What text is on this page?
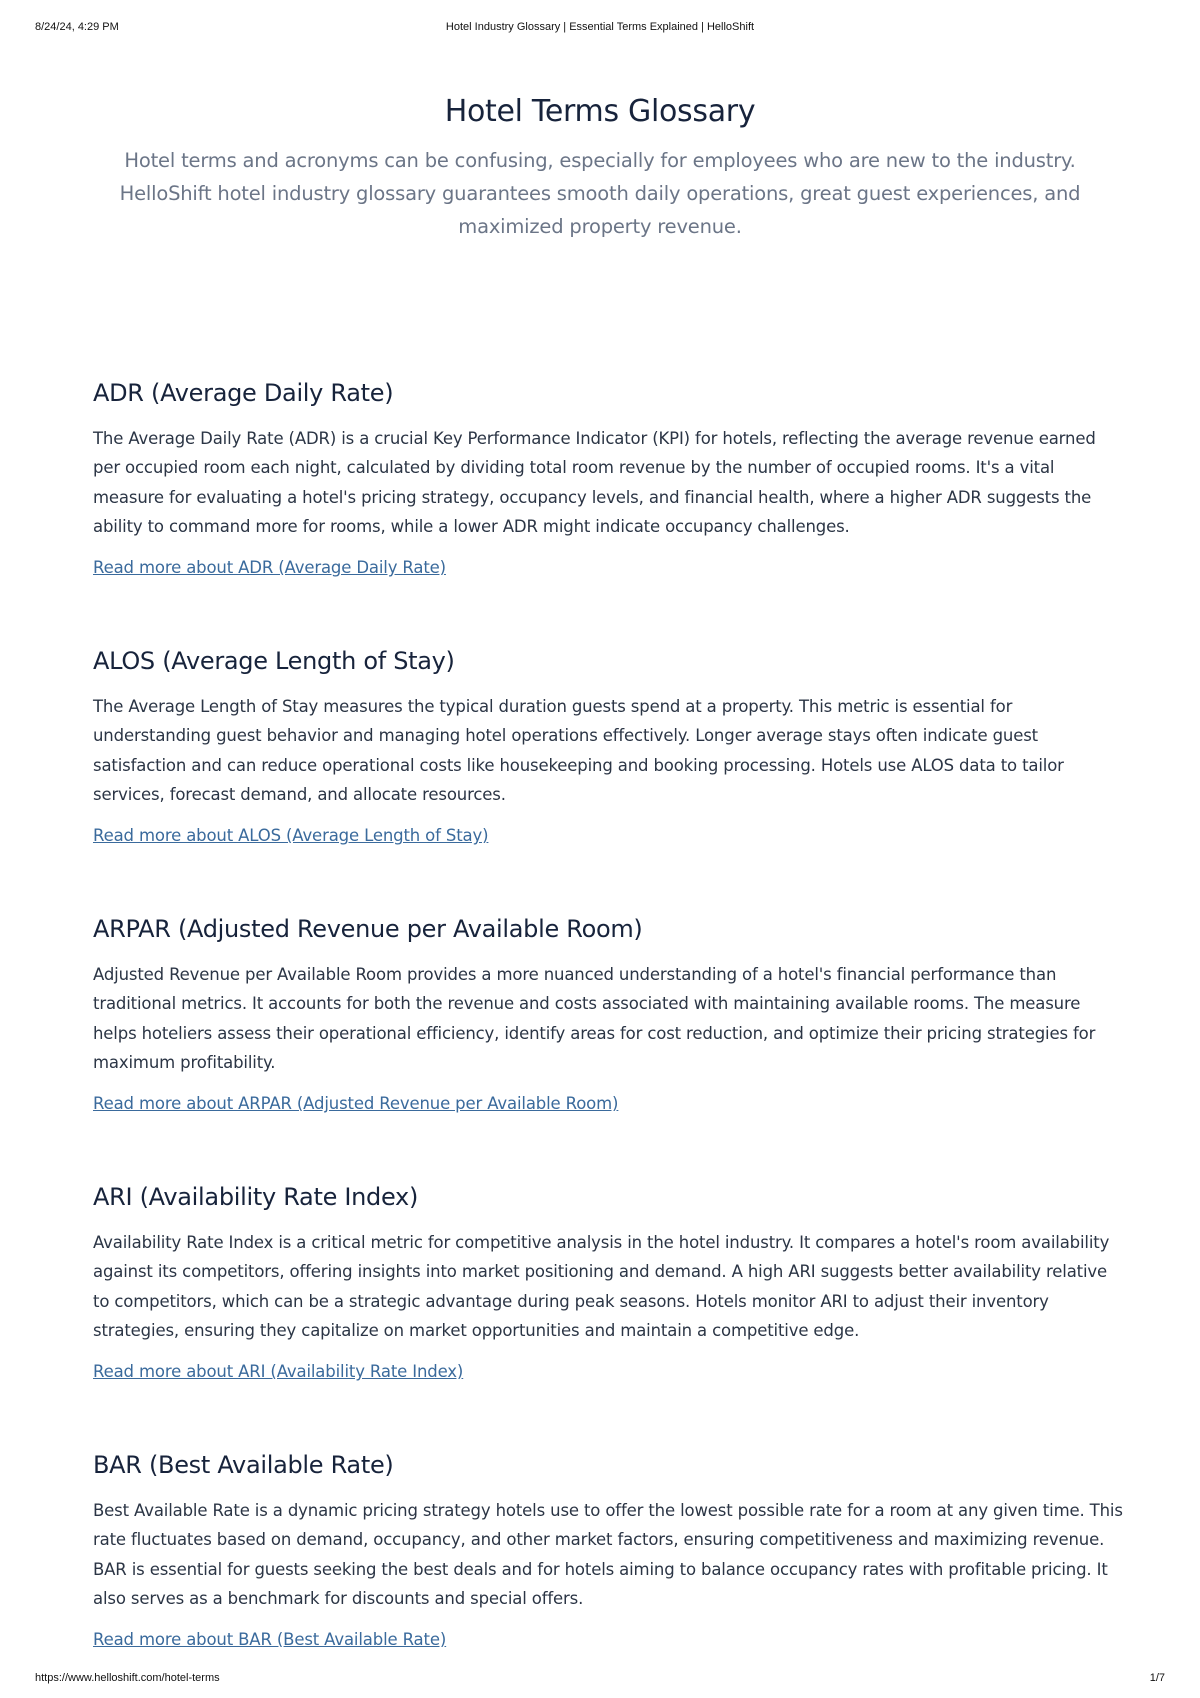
8/24/24, 4:29 PM	Hotel Industry Glossary | Essential Terms Explained | HelloShift
Hotel Terms Glossary

Hotel terms and acronyms can be confusing, especially for employees who are new to the industry. HelloShift hotel industry glossary guarantees smooth daily operations, great guest experiences, and maximized property revenue.

ADR (Average Daily Rate)

The Average Daily Rate (ADR) is a crucial Key Performance Indicator (KPI) for hotels, reflecting the average revenue earned per occupied room each night, calculated by dividing total room revenue by the number of occupied rooms. It's a vital measure for evaluating a hotel's pricing strategy, occupancy levels, and financial health, where a higher ADR suggests the ability to command more for rooms, while a lower ADR might indicate occupancy challenges.

Read more about ADR (Average Daily Rate)
ALOS (Average Length of Stay)

The Average Length of Stay measures the typical duration guests spend at a property. This metric is essential for understanding guest behavior and managing hotel operations effectively. Longer average stays often indicate guest satisfaction and can reduce operational costs like housekeeping and booking processing. Hotels use ALOS data to tailor services, forecast demand, and allocate resources.

Read more about ALOS (Average Length of Stay)
ARPAR (Adjusted Revenue per Available Room)

Adjusted Revenue per Available Room provides a more nuanced understanding of a hotel's financial performance than traditional metrics. It accounts for both the revenue and costs associated with maintaining available rooms. The measure helps hoteliers assess their operational efficiency, identify areas for cost reduction, and optimize their pricing strategies for maximum profitability.

Read more about ARPAR (Adjusted Revenue per Available Room)
ARI (Availability Rate Index)

Availability Rate Index is a critical metric for competitive analysis in the hotel industry. It compares a hotel's room availability against its competitors, offering insights into market positioning and demand. A high ARI suggests better availability relative to competitors, which can be a strategic advantage during peak seasons. Hotels monitor ARI to adjust their inventory strategies, ensuring they capitalize on market opportunities and maintain a competitive edge.

Read more about ARI (Availability Rate Index)
BAR (Best Available Rate)

Best Available Rate is a dynamic pricing strategy hotels use to offer the lowest possible rate for a room at any given time. This rate fluctuates based on demand, occupancy, and other market factors, ensuring competitiveness and maximizing revenue. BAR is essential for guests seeking the best deals and for hotels aiming to balance occupancy rates with profitable pricing. It also serves as a benchmark for discounts and special offers.

Read more about BAR (Best Available Rate)
https://www.helloshift.com/hotel-terms	1/7
